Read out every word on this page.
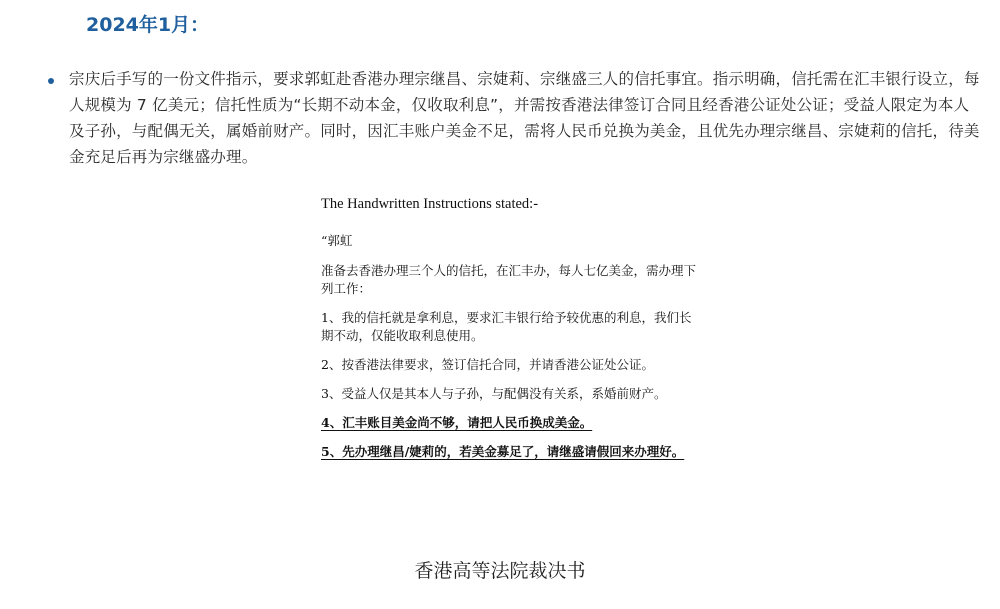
2024年1月：

宗庆后手写的一份文件指示，要求郭虹赴香港办理宗继昌、宗婕莉、宗继盛三人的信托事宜。指示明确，信托需在汇丰银行设立，每人规模为 7 亿美元；信托性质为“长期不动本金，仅收取利息”，并需按香港法律签订合同且经香港公证处公证；受益人限定为本人及子孙，与配偶无关，属婚前财产。同时，因汇丰账户美金不足，需将人民币兑换为美金，且优先办理宗继昌、宗婕莉的信托，待美金充足后再为宗继盛办理。

The Handwritten Instructions stated:-

“郭虹

准备去香港办理三个人的信托，在汇丰办，每人七亿美金，需办理下列工作：

1、我的信托就是拿利息，要求汇丰银行给予较优惠的利息，我们长期不动，仅能收取利息使用。

2、按香港法律要求，签订信托合同，并请香港公证处公证。

3、受益人仅是其本人与子孙，与配偶没有关系，系婚前财产。

4、汇丰账目美金尚不够，请把人民币换成美金。

5、先办理继昌/婕莉的，若美金募足了，请继盛请假回来办理好。

香港高等法院裁决书
